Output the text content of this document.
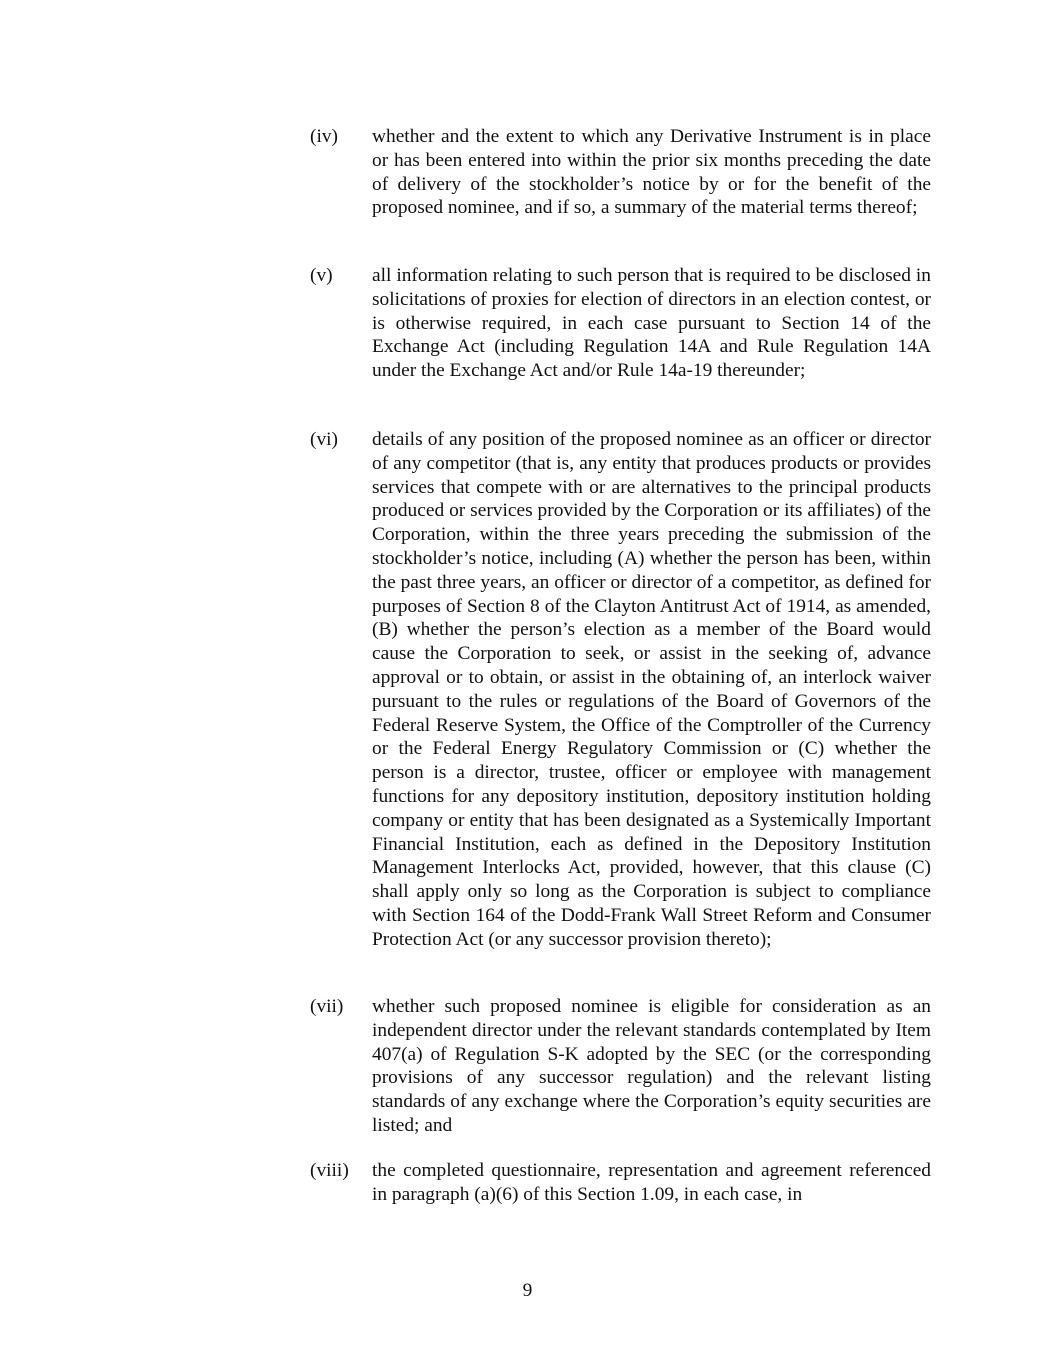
(iv) whether and the extent to which any Derivative Instrument is in place or has been entered into within the prior six months preceding the date of delivery of the stockholder’s notice by or for the benefit of the proposed nominee, and if so, a summary of the material terms thereof;
(v) all information relating to such person that is required to be disclosed in solicitations of proxies for election of directors in an election contest, or is otherwise required, in each case pursuant to Section 14 of the Exchange Act (including Regulation 14A and Rule Regulation 14A under the Exchange Act and/or Rule 14a-19 thereunder;
(vi) details of any position of the proposed nominee as an officer or director of any competitor (that is, any entity that produces products or provides services that compete with or are alternatives to the principal products produced or services provided by the Corporation or its affiliates) of the Corporation, within the three years preceding the submission of the stockholder’s notice, including (A) whether the person has been, within the past three years, an officer or director of a competitor, as defined for purposes of Section 8 of the Clayton Antitrust Act of 1914, as amended, (B) whether the person’s election as a member of the Board would cause the Corporation to seek, or assist in the seeking of, advance approval or to obtain, or assist in the obtaining of, an interlock waiver pursuant to the rules or regulations of the Board of Governors of the Federal Reserve System, the Office of the Comptroller of the Currency or the Federal Energy Regulatory Commission or (C) whether the person is a director, trustee, officer or employee with management functions for any depository institution, depository institution holding company or entity that has been designated as a Systemically Important Financial Institution, each as defined in the Depository Institution Management Interlocks Act, provided, however, that this clause (C) shall apply only so long as the Corporation is subject to compliance with Section 164 of the Dodd-Frank Wall Street Reform and Consumer Protection Act (or any successor provision thereto);
(vii) whether such proposed nominee is eligible for consideration as an independent director under the relevant standards contemplated by Item 407(a) of Regulation S-K adopted by the SEC (or the corresponding provisions of any successor regulation) and the relevant listing standards of any exchange where the Corporation’s equity securities are listed; and
(viii) the completed questionnaire, representation and agreement referenced in paragraph (a)(6) of this Section 1.09, in each case, in
9
